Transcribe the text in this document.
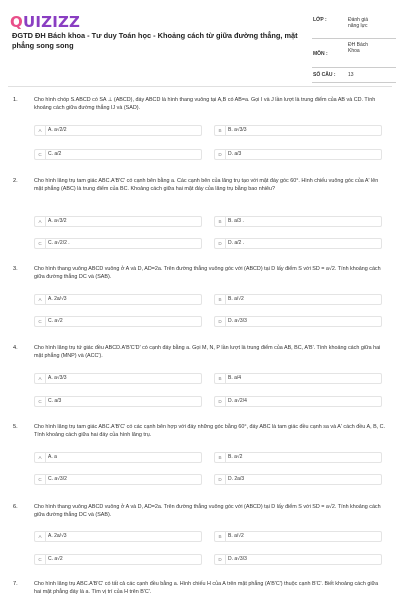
QUIZIZZ
ĐGTD ĐH Bách khoa - Tư duy Toán học - Khoảng cách từ giữa đường thẳng, mặt phẳng song song
LỚP :	Đánh giá năng lực
MÔN :
ĐH Bách Khoa
SỐ CÂU :	13
1.	Cho hình chóp S.ABCD có SA ⊥ (ABCD), đáy ABCD là hình thang vuông tại A,B có AB=a. Gọi I và J lần lượt là trung điểm của AB và CD. Tính khoảng cách giữa đường thẳng IJ và (SAD).
A	A. a√2/2	B	B. a√3/3
C	C. a/2	D	D. a/3
2.	Cho hình lăng trụ tam giác ABC.A'B'C' có cạnh bên bằng a. Các cạnh bên của lăng trụ tạo với mặt đáy góc 60°. Hình chiếu vuông góc của A' lên mặt phẳng (ABC) là trung điểm của BC. Khoảng cách giữa hai mặt đáy của lăng trụ bằng bao nhiêu?
A	A. a√3/2	B	B. a/3 .
C	C. a√2/2 .	D	D. a/2 .
3.	Cho hình thang vuông ABCD vuông ở A và D, AD=2a. Trên đường thẳng vuông góc với (ABCD) tại D lấy điểm S với SD = a√2. Tính khoảng cách giữa đường thẳng DC và (SAB).
A	A. 2a/√3	B	B. a/√2
C	C. a√2	D	D. a√3/3
4.	Cho hình lăng trụ tứ giác đều ABCD.A'B'C'D' có cạnh đáy bằng a. Gọi M, N, P lần lượt là trung điểm của AB, BC, A'B'. Tính khoảng cách giữa hai mặt phẳng (MNP) và (ACC').
A	A. a√3/3	B	B. a/4
C	C. a/3	D	D. a√2/4
5.	Cho hình lăng trụ tam giác ABC.A'B'C' có các cạnh bên hợp với đáy những góc bằng 60°, đáy ABC là tam giác đều cạnh sa và A' cách đều A, B, C. Tính khoảng cách giữa hai đáy của hình lăng trụ.
A	A. a	B	B. a√2
C	C. a√3/2	D	D. 2a/3
6.	Cho hình thang vuông ABCD vuông ở A và D, AD=2a. Trên đường thẳng vuông góc với (ABCD) tại D lấy điểm S với SD = a√2. Tính khoảng cách giữa đường thẳng DC và (SAB).
A	A. 2a/√3	B	B. a/√2
C	C. a√2	D	D. a√3/3
7.	Cho hình lăng trụ ABC.A'B'C' có tất cả các cạnh đều bằng a. Hình chiếu H của A trên mặt phẳng (A'B'C') thuộc cạnh B'C'. Biết khoảng cách giữa hai mặt phẳng đáy là a. Tìm vị trí của H trên B'C'.
